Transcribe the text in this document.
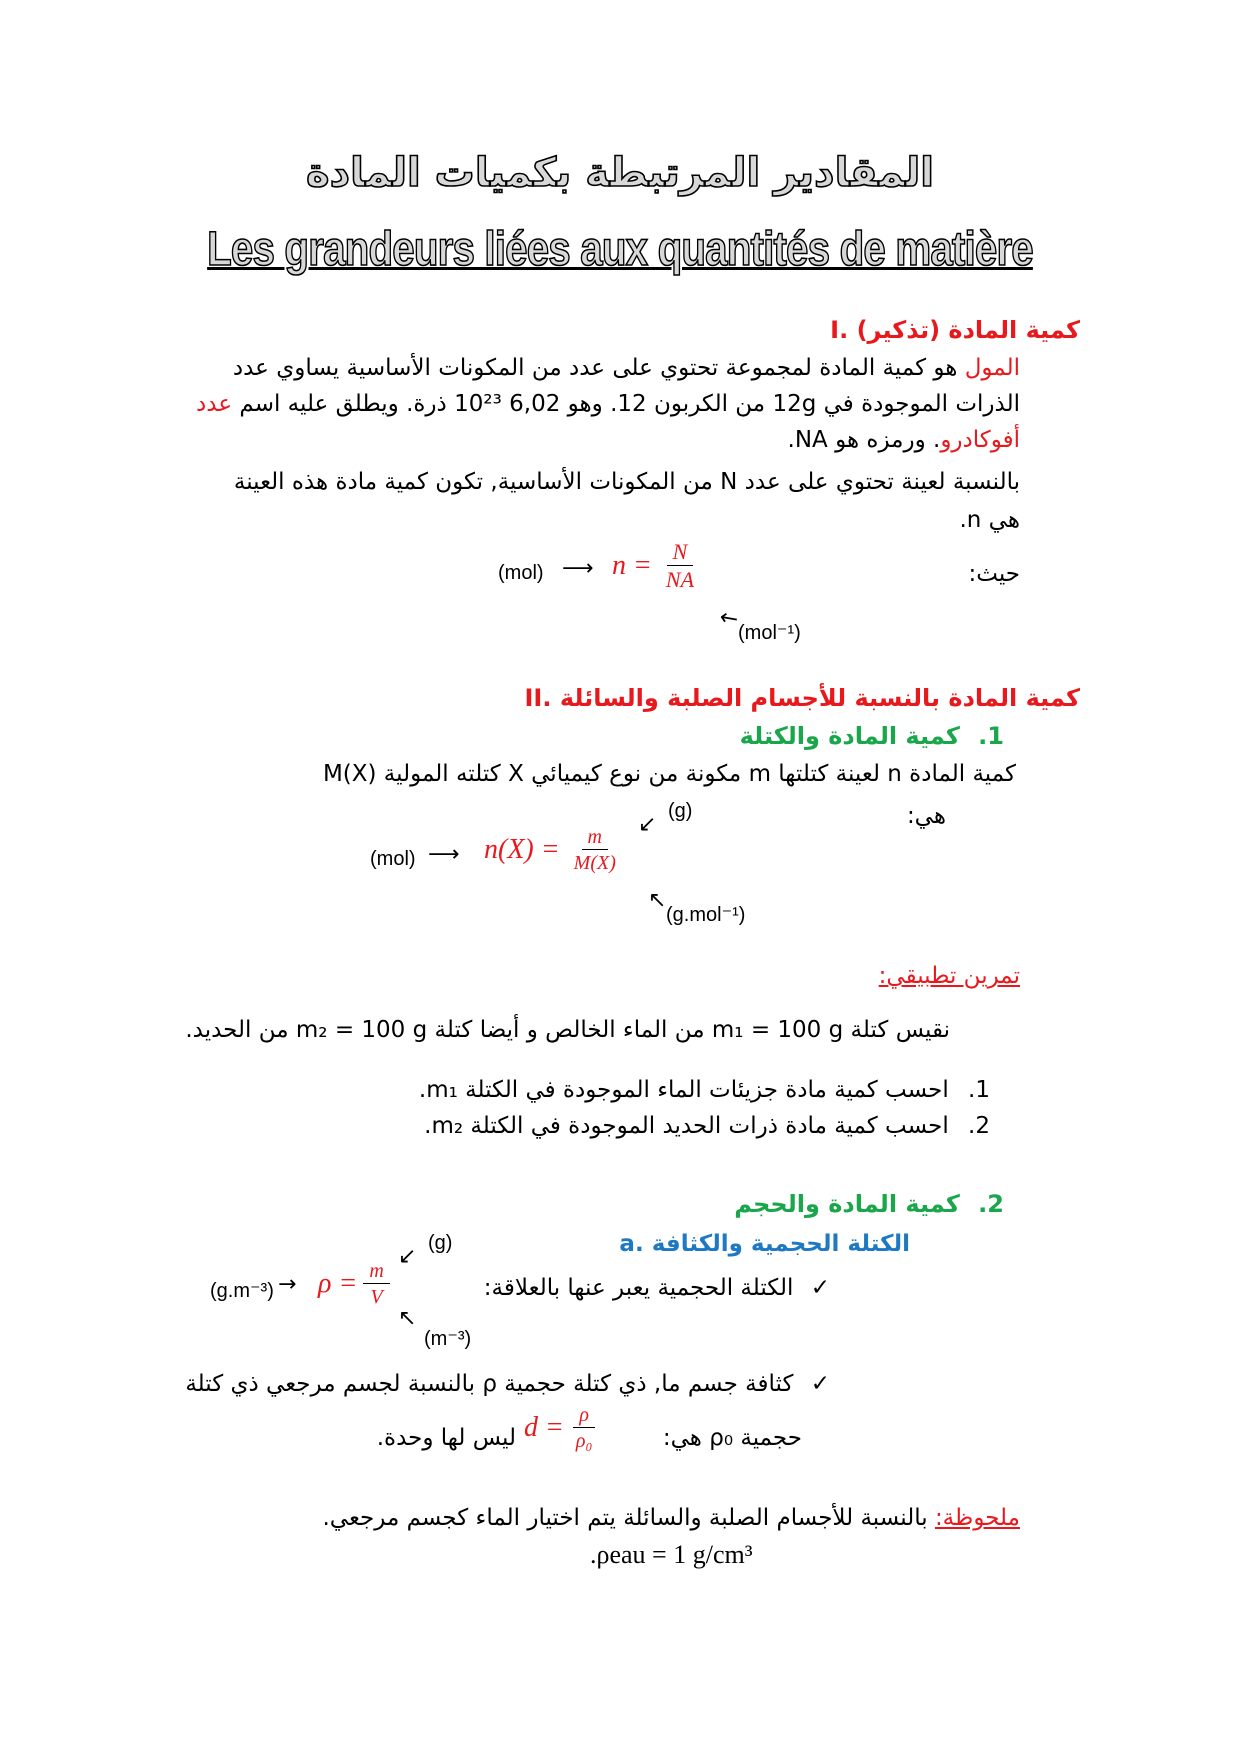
المقادير المرتبطة بكميات المادة
Les grandeurs liées aux quantités de matière
I. كمية المادة (تذكير)
المول هو كمية المادة لمجموعة تحتوي على عدد من المكونات الأساسية يساوي عدد
الذرات الموجودة في 12g من الكربون 12. وهو 6,02 10²³ ذرة. ويطلق عليه اسم عدد
أفوكادرو. ورمزه هو NA.
بالنسبة لعينة تحتوي على عدد N من المكونات الأساسية, تكون كمية مادة هذه العينة
هي n.
حيث:
(mol) ⟶ $n = \frac{N}{NA}$
↖
(mol⁻¹)
II. كمية المادة بالنسبة للأجسام الصلبة والسائلة
1. كمية المادة والكتلة
كمية المادة n لعينة كتلتها m مكونة من نوع كيميائي X كتلته المولية M(X)
(g)
↙	هي:
(mol) ⟶ $n(X) = \frac{m}{M(X)}$
↖
(g.mol⁻¹)
تمرين تطبيقي:
نقيس كتلة m₁ = 100 g من الماء الخالص و أيضا كتلة m₂ = 100 g من الحديد.
1. احسب كمية مادة جزيئات الماء الموجودة في الكتلة m₁.
2. احسب كمية مادة ذرات الحديد الموجودة في الكتلة m₂.
2. كمية المادة والحجم
a. الكتلة الحجمية والكثافة
(g)
↙
$(g.m^{-3}) \to \rho = \frac{m}{V}$	✓ الكتلة الحجمية يعبر عنها بالعلاقة:
↖
(m⁻³)
✓ كثافة جسم ما, ذي كتلة حجمية ρ بالنسبة لجسم مرجعي ذي كتلة
حجمية ρ₀ هي:
$d = \frac{\rho}{\text{ρ₀}}$
ليس لها وحدة.
ملحوظة: بالنسبة للأجسام الصلبة والسائلة يتم اختيار الماء كجسم مرجعي.
.ρeau = 1 g/cm³
